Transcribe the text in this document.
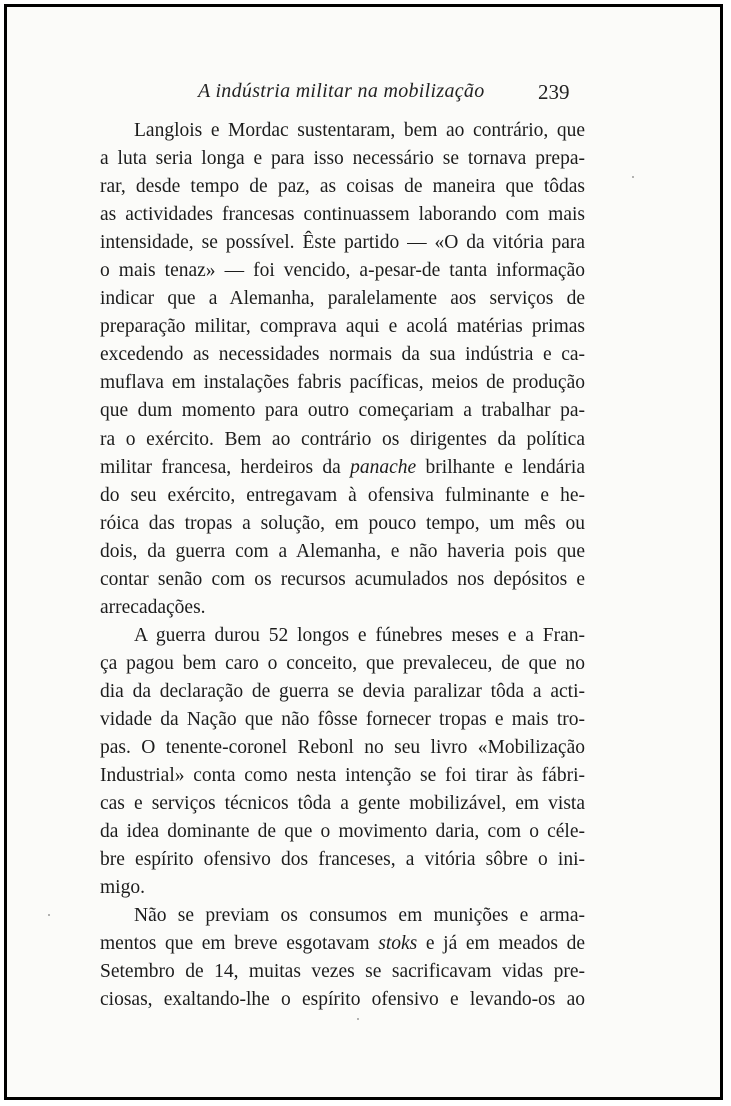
A indústria militar na mobilização	239
Langlois e Mordac sustentaram, bem ao contrário, que
a luta seria longa e para isso necessário se tornava prepa-
rar, desde tempo de paz, as coisas de maneira que tôdas
as actividades francesas continuassem laborando com mais
intensidade, se possível. Êste partido — «O da vitória para
o mais tenaz» — foi vencido, a-pesar-de tanta informação
indicar que a Alemanha, paralelamente aos serviços de
preparação militar, comprava aqui e acolá matérias primas
excedendo as necessidades normais da sua indústria e ca-
muflava em instalações fabris pacíficas, meios de produção
que dum momento para outro começariam a trabalhar pa-
ra o exército. Bem ao contrário os dirigentes da política
militar francesa, herdeiros da panache brilhante e lendária
do seu exército, entregavam à ofensiva fulminante e he-
róica das tropas a solução, em pouco tempo, um mês ou
dois, da guerra com a Alemanha, e não haveria pois que
contar senão com os recursos acumulados nos depósitos e
arrecadações.
A guerra durou 52 longos e fúnebres meses e a Fran-
ça pagou bem caro o conceito, que prevaleceu, de que no
dia da declaração de guerra se devia paralizar tôda a acti-
vidade da Nação que não fôsse fornecer tropas e mais tro-
pas. O tenente-coronel Rebonl no seu livro «Mobilização
Industrial» conta como nesta intenção se foi tirar às fábri-
cas e serviços técnicos tôda a gente mobilizável, em vista
da idea dominante de que o movimento daria, com o céle-
bre espírito ofensivo dos franceses, a vitória sôbre o ini-
migo.
Não se previam os consumos em munições e arma-
mentos que em breve esgotavam stoks e já em meados de
Setembro de 14, muitas vezes se sacrificavam vidas pre-
ciosas, exaltando-lhe o espírito ofensivo e levando-os ao
